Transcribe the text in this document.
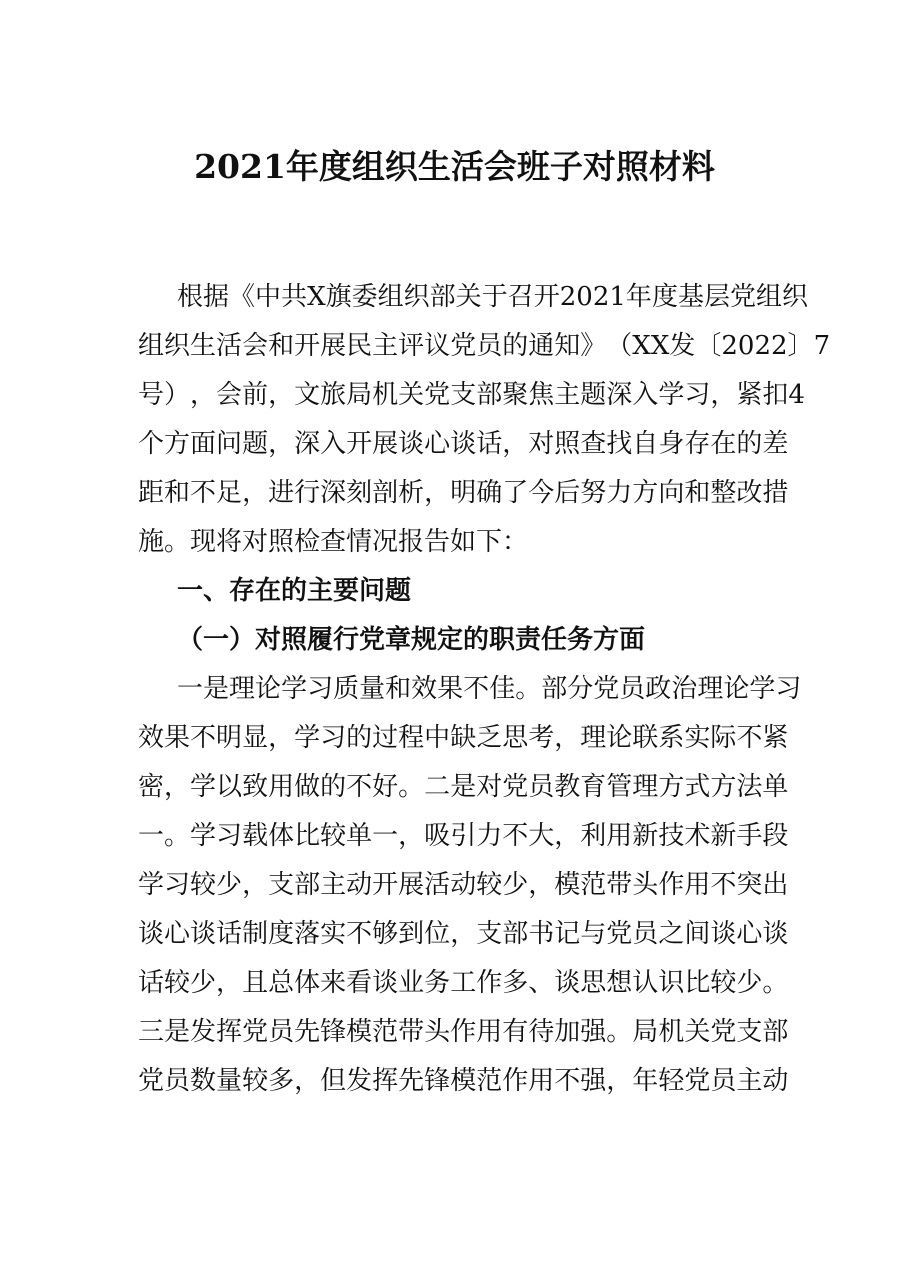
2021年度组织生活会班子对照材料
根 据 《 中 共 X 旗 委 组 织 部 关 于 召 开 2 0 2 1 年 度 基 层 党 组 织
组 织 生 活 会 和 开 展 民 主 评 议 党 员 的 通 知 》 （ X X 发 〔 2 0 2 2 〕 7
号 ） ， 会 前 ， 文 旅 局 机 关 党 支 部 聚 焦 主 题 深 入 学 习 ， 紧 扣 4
个 方 面 问 题 ， 深 入 开 展 谈 心 谈 话 ， 对 照 查 找 自 身 存 在 的 差
距 和 不 足 ， 进 行 深 刻 剖 析 ， 明 确 了 今 后 努 力 方 向 和 整 改 措
施。现将对照检查情况报告如下：
一、存在的主要问题
（一）对照履行党章规定的职责任务方面
一 是 理 论 学 习 质 量 和 效 果 不 佳 。 部 分 党 员 政 治 理 论 学 习
效 果 不 明 显 ， 学 习 的 过 程 中 缺 乏 思 考 ， 理 论 联 系 实 际 不 紧
密 ， 学 以 致 用 做 的 不 好 。 二 是 对 党 员 教 育 管 理 方 式 方 法 单
一 。 学 习 载 体 比 较 单 一 ， 吸 引 力 不 大 ， 利 用 新 技 术 新 手 段
学 习 较 少 ， 支 部 主 动 开 展 活 动 较 少 ， 模 范 带 头 作 用 不 突 出
谈 心 谈 话 制 度 落 实 不 够 到 位 ， 支 部 书 记 与 党 员 之 间 谈 心 谈
话 较 少 ， 且 总 体 来 看 谈 业 务 工 作 多 、 谈 思 想 认 识 比 较 少 。
三 是 发 挥 党 员 先 锋 模 范 带 头 作 用 有 待 加 强 。 局 机 关 党 支 部
党 员 数 量 较 多 ， 但 发 挥 先 锋 模 范 作 用 不 强 ， 年 轻 党 员 主 动
